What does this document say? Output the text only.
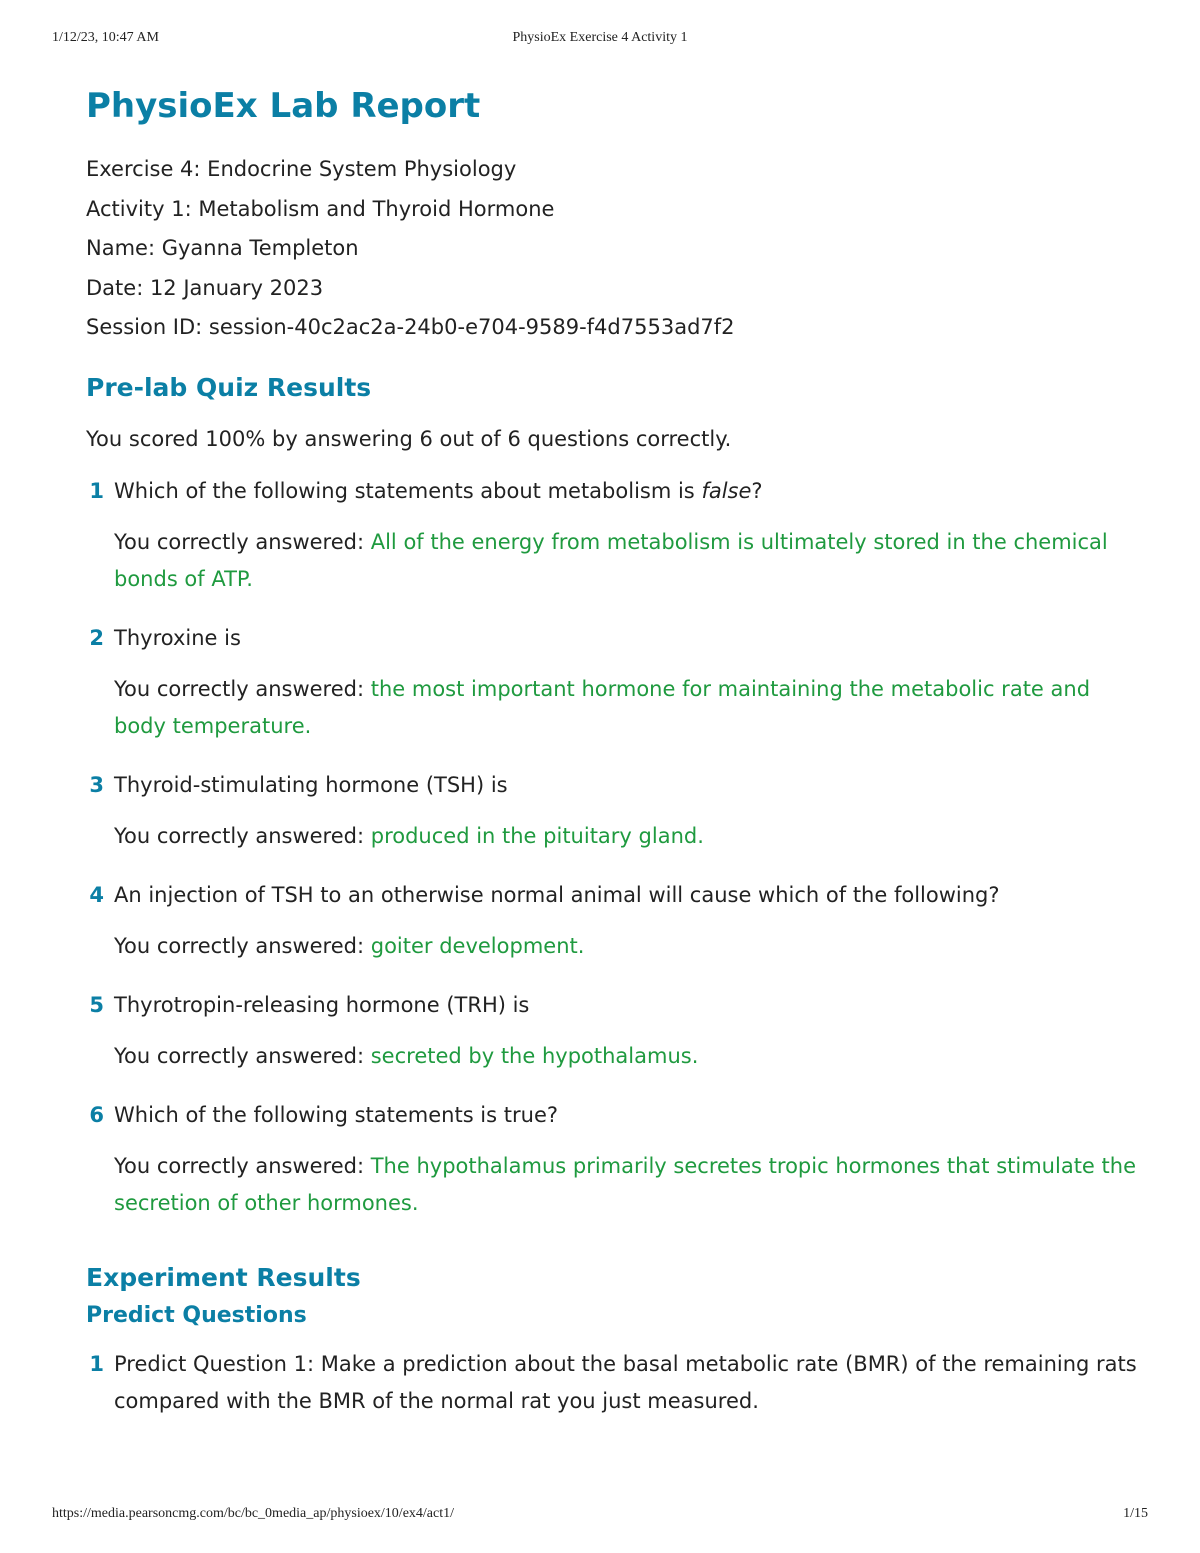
1/12/23, 10:47 AM	PhysioEx Exercise 4 Activity 1
PhysioEx Lab Report
Exercise 4: Endocrine System Physiology
Activity 1: Metabolism and Thyroid Hormone
Name: Gyanna Templeton
Date: 12 January 2023
Session ID: session-40c2ac2a-24b0-e704-9589-f4d7553ad7f2
Pre-lab Quiz Results
You scored 100% by answering 6 out of 6 questions correctly.
1 Which of the following statements about metabolism is false?
You correctly answered: All of the energy from metabolism is ultimately stored in the chemical bonds of ATP.
2 Thyroxine is
You correctly answered: the most important hormone for maintaining the metabolic rate and body temperature.
3 Thyroid-stimulating hormone (TSH) is
You correctly answered: produced in the pituitary gland.
4 An injection of TSH to an otherwise normal animal will cause which of the following?
You correctly answered: goiter development.
5 Thyrotropin-releasing hormone (TRH) is
You correctly answered: secreted by the hypothalamus.
6 Which of the following statements is true?
You correctly answered: The hypothalamus primarily secretes tropic hormones that stimulate the secretion of other hormones.
Experiment Results
Predict Questions
1 Predict Question 1: Make a prediction about the basal metabolic rate (BMR) of the remaining rats compared with the BMR of the normal rat you just measured.
https://media.pearsoncmg.com/bc/bc_0media_ap/physioex/10/ex4/act1/	1/15
